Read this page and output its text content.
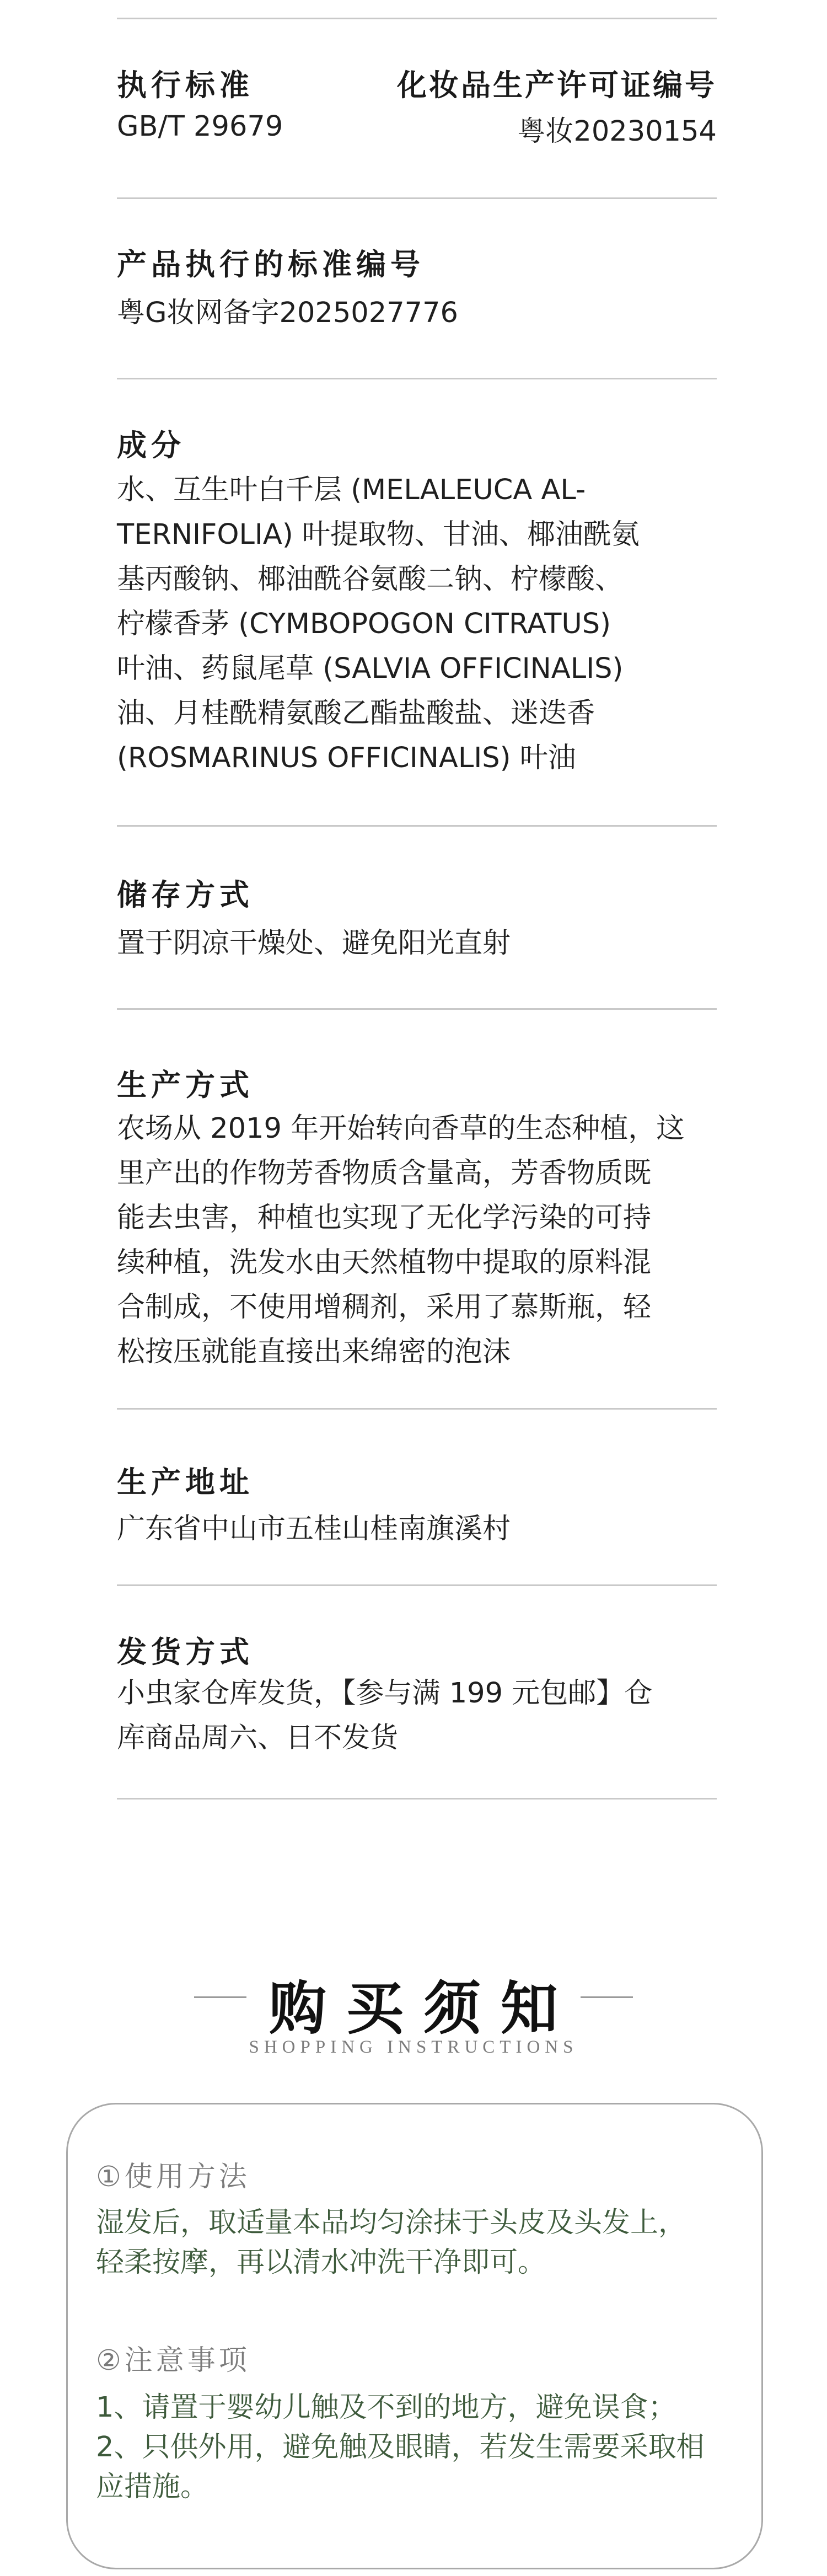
执行标准
GB/T 29679
化妆品生产许可证编号
粤妆20230154
产品执行的标准编号
粤G妆网备字2025027776
成分
水、互生叶白千层 (MELALEUCA AL-
TERNIFOLIA) 叶提取物、甘油、椰油酰氨
基丙酸钠、椰油酰谷氨酸二钠、柠檬酸、
柠檬香茅 (CYMBOPOGON CITRATUS)
叶油、药鼠尾草 (SALVIA OFFICINALIS)
油、月桂酰精氨酸乙酯盐酸盐、迷迭香
(ROSMARINUS OFFICINALIS) 叶油
储存方式
置于阴凉干燥处、避免阳光直射
生产方式
农场从 2019 年开始转向香草的生态种植，这
里产出的作物芳香物质含量高，芳香物质既
能去虫害，种植也实现了无化学污染的可持
续种植，洗发水由天然植物中提取的原料混
合制成，不使用增稠剂，采用了慕斯瓶，轻
松按压就能直接出来绵密的泡沫
生产地址
广东省中山市五桂山桂南旗溪村
发货方式
小虫家仓库发货，【参与满 199 元包邮】仓
库商品周六、日不发货
购买须知
SHOPPING INSTRUCTIONS
①使用方法
湿发后，取适量本品均匀涂抹于头皮及头发上，
轻柔按摩，再以清水冲洗干净即可。
②注意事项
1、请置于婴幼儿触及不到的地方，避免误食；
2、只供外用，避免触及眼睛，若发生需要采取相
应措施。
